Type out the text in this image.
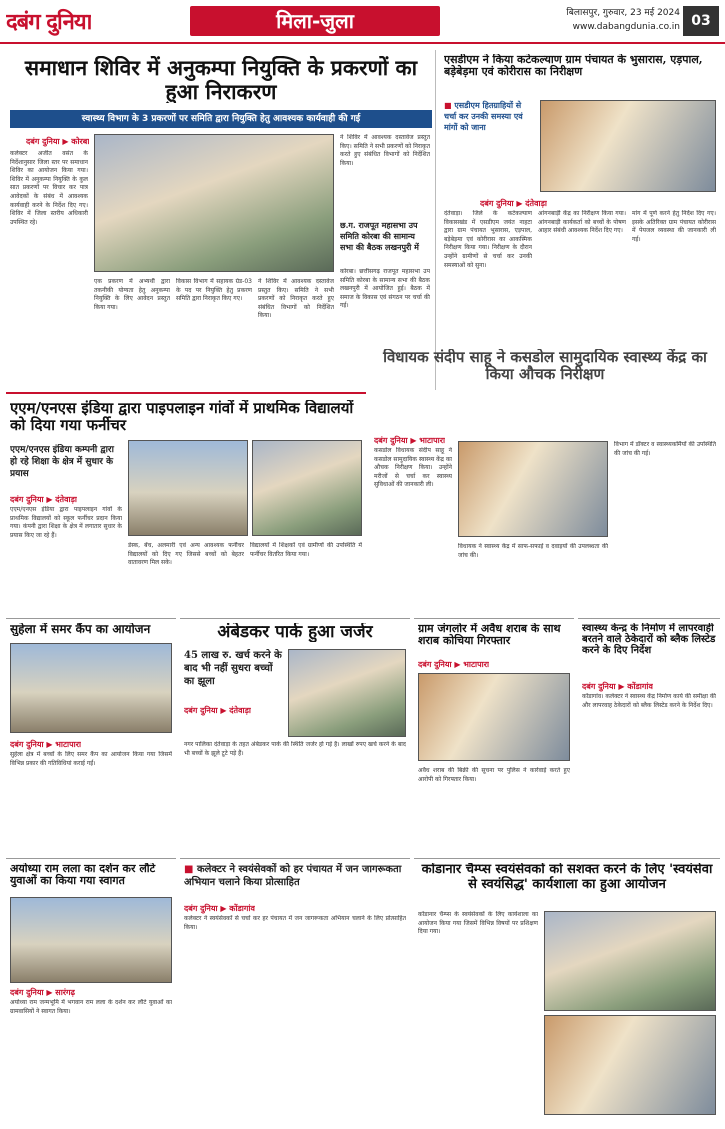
दबंग दुनिया	मिला-जुला	बिलासपुर, गुरुवार, 23 मई 2024
www.dabangdunia.co.in 03
समाधान शिविर में अनुकम्पा नियुक्ति के प्रकरणों का हुआ निराकरण
स्वास्थ्य विभाग के 3 प्रकरणों पर समिति द्वारा नियुक्ति हेतु आवश्यक कार्यवाही की गई
दबंग दुनिया ▶ कोरबा
कलेक्टर अजीत वसंत के निर्देशानुसार जिला स्तर पर समाधान शिविर का आयोजन किया गया। शिविर में अनुकम्पा नियुक्ति के कुल सात प्रकरणों पर विचार कर पात्र आवेदकों के संबंध में आवश्यक कार्यवाही करने के निर्देश दिए गए। शिविर में जिला स्तरीय अधिकारी उपस्थित रहे।
एक प्रकरण में अभ्यर्थी द्वारा तकनीकी योग्यता हेतु अनुकम्पा नियुक्ति के लिए आवेदन प्रस्तुत किया गया।
विकास विभाग में सहायक ग्रेड-03 के पद पर नियुक्ति हेतु प्रकरण समिति द्वारा निराकृत किए गए।
ने शिविर में आवश्यक दस्तावेज प्रस्तुत किए। समिति ने सभी प्रकरणों को निराकृत करते हुए संबंधित विभागों को निर्देशित किया।
ने शिविर में आवश्यक दस्तावेज प्रस्तुत किए। समिति ने सभी प्रकरणों को निराकृत करते हुए संबंधित विभागों को निर्देशित किया।
छ.ग. राजपूत महासभा उप समिति कोरबा की सामान्य सभा की बैठक लखनपुरी में
कोरबा। छत्तीसगढ़ राजपूत महासभा उप समिति कोरबा के सामान्य सभा की बैठक लखनपुरी में आयोजित हुई। बैठक में समाज के विकास एवं संगठन पर चर्चा की गई।
एसडीएम ने किया कटेकल्याण ग्राम पंचायत के भुसारास, एड़पाल, बड़ेबेड़मा एवं कोरीरास का निरीक्षण
■ एसडीएम हितग्राहियों से चर्चा कर उनकी समस्या एवं मांगों को जाना
दबंग दुनिया ▶ दंतेवाड़ा
दंतेवाड़ा। जिले के कटेकल्याण विकासखंड में एसडीएम जयंत नाहटा द्वारा ग्राम पंचायत भुसारास, एड़पाल, बड़ेबेड़मा एवं कोरीरास का आकस्मिक निरीक्षण किया गया। निरीक्षण के दौरान उन्होंने ग्रामीणों से चर्चा कर उनकी समस्याओं को सुना।
आंगनबाड़ी केंद्र का निरीक्षण किया गया। आंगनबाड़ी कार्यकर्ता को बच्चों के पोषण आहार संबंधी आवश्यक निर्देश दिए गए।
मांग में पूर्ण करने हेतु निर्देश दिए गए। इसके अतिरिक्त ग्राम पंचायत कोरीरास में पेयजल व्यवस्था की जानकारी ली गई।
एएम/एनएस इंडिया द्वारा पाइपलाइन गांवों में प्राथमिक विद्यालयों को दिया गया फर्नीचर
एएम/एनएस इंडिया कम्पनी द्वारा हो रहे शिक्षा के क्षेत्र में सुधार के प्रयास
दबंग दुनिया ▶ दंतेवाड़ा
एएम/एनएस इंडिया द्वारा पाइपलाइन गांवों के प्राथमिक विद्यालयों को स्कूल फर्नीचर प्रदान किया गया। कंपनी द्वारा शिक्षा के क्षेत्र में लगातार सुधार के प्रयास किए जा रहे हैं।
डेस्क, बेंच, अलमारी एवं अन्य आवश्यक फर्नीचर विद्यालयों को दिए गए जिससे बच्चों को बेहतर वातावरण मिल सके।
विद्यालयों में शिक्षकों एवं ग्रामीणों की उपस्थिति में फर्नीचर वितरित किया गया।
विधायक संदीप साहू ने कसडोल सामुदायिक स्वास्थ्य केंद्र का किया औचक निरीक्षण
दबंग दुनिया ▶ भाटापारा
कसडोल विधायक संदीप साहू ने कसडोल सामुदायिक स्वास्थ्य केंद्र का औचक निरीक्षण किया। उन्होंने मरीजों से चर्चा कर स्वास्थ्य सुविधाओं की जानकारी ली।
विधायक ने स्वास्थ्य केंद्र में साफ-सफाई व दवाइयों की उपलब्धता की जांच की।
विभाग में डॉक्टर व स्वास्थ्यकर्मियों की उपस्थिति की जांच की गई।
सुहेला में समर कैंप का आयोजन
दबंग दुनिया ▶ भाटापारा
सुहेला क्षेत्र में बच्चों के लिए समर कैंप का आयोजन किया गया जिसमें विभिन्न प्रकार की गतिविधियां कराई गईं।
अंबेडकर पार्क हुआ जर्जर
45 लाख रु. खर्च करने के बाद भी नहीं सुधरा बच्चों का झूला
दबंग दुनिया ▶ दंतेवाड़ा
नगर पालिका दंतेवाड़ा के तहत अंबेडकर पार्क की स्थिति जर्जर हो गई है। लाखों रुपए खर्च करने के बाद भी बच्चों के झूले टूटे पड़े हैं।
ग्राम जंगलोर में अवैध शराब के साथ शराब कोचिया गिरफ्तार
दबंग दुनिया ▶ भाटापारा
अवैध शराब की बिक्री की सूचना पर पुलिस ने कार्रवाई करते हुए आरोपी को गिरफ्तार किया।
स्वास्थ्य केन्द्र के निर्माण में लापरवाही बरतने वाले ठेकेदारों को ब्लैक लिस्टेड करने के दिए निर्देश
दबंग दुनिया ▶ कोंडागांव
कोंडागांव। कलेक्टर ने स्वास्थ्य केंद्र निर्माण कार्य की समीक्षा की और लापरवाह ठेकेदारों को ब्लैक लिस्टेड करने के निर्देश दिए।
अयोध्या राम लला का दर्शन कर लौटे युवाओं का किया गया स्वागत
दबंग दुनिया ▶ सारंगढ़
अयोध्या राम जन्मभूमि में भगवान राम लला के दर्शन कर लौटे युवाओं का ग्रामवासियों ने स्वागत किया।
■ कलेक्टर ने स्वयंसेवकों को हर पंचायत में जन जागरूकता अभियान चलाने किया प्रोत्साहित
दबंग दुनिया ▶ कोंडागांव
कलेक्टर ने स्वयंसेवकों से चर्चा कर हर पंचायत में जन जागरूकता अभियान चलाने के लिए प्रोत्साहित किया।
कोंडानार चैम्प्स स्वयंसेवकों को सशक्त करने के लिए 'स्वयंसेवा से स्वयंसिद्ध' कार्यशाला का हुआ आयोजन
कोंडानार चैम्प्स के स्वयंसेवकों के लिए कार्यशाला का आयोजन किया गया जिसमें विभिन्न विषयों पर प्रशिक्षण दिया गया।
